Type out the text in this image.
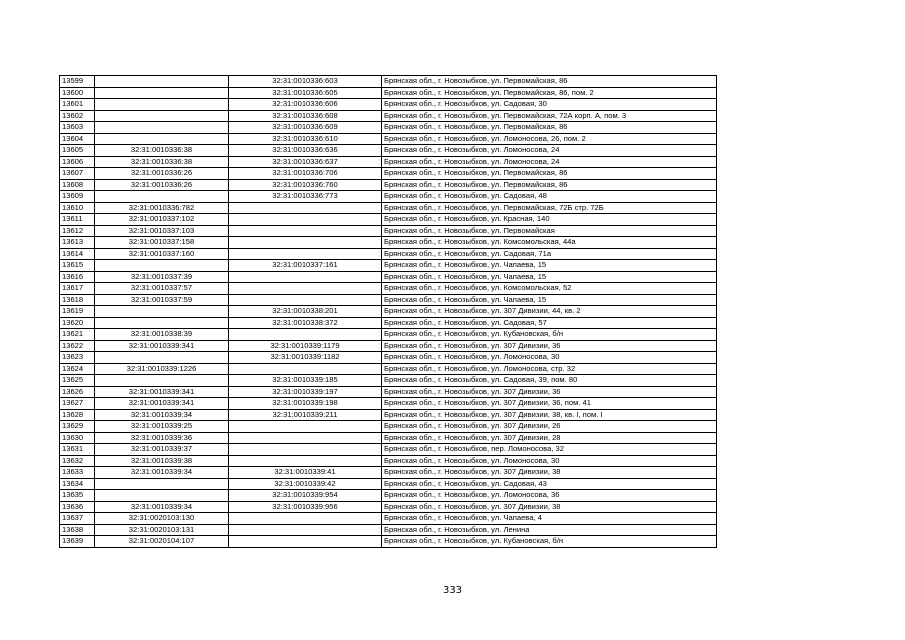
13599		32:31:0010336:603	Брянская обл., г. Новозыбков, ул. Первомайская, 86
13600		32:31:0010336:605	Брянская обл., г. Новозыбков, ул. Первомайская, 86, пом. 2
13601		32:31:0010336:606	Брянская обл., г. Новозыбков, ул. Садовая, 30
13602		32:31:0010336:608	Брянская обл., г. Новозыбков, ул. Первомайская, 72А корп. А, пом. 3
13603		32:31:0010336:609	Брянская обл., г. Новозыбков, ул. Первомайская, 86
13604		32:31:0010336:610	Брянская обл., г. Новозыбков, ул. Ломоносова, 26, пом. 2
13605	32:31:0010336:38	32:31:0010336:636	Брянская обл., г. Новозыбков, ул. Ломоносова, 24
13606	32:31:0010336:38	32:31:0010336:637	Брянская обл., г. Новозыбков, ул. Ломоносова, 24
13607	32:31:0010336:26	32:31:0010336:706	Брянская обл., г. Новозыбков, ул. Первомайская, 86
13608	32:31:0010336:26	32:31:0010336:760	Брянская обл., г. Новозыбков, ул. Первомайская, 86
13609		32:31:0010336:773	Брянская обл., г. Новозыбков, ул. Садовая, 48
13610	32:31:0010336:782		Брянская обл., г. Новозыбков, ул. Первомайская, 72Б стр. 72Б
13611	32:31:0010337:102		Брянская обл., г. Новозыбков, ул. Красная, 140
13612	32:31:0010337:103		Брянская обл., г. Новозыбков, ул. Первомайская
13613	32:31:0010337:158		Брянская обл., г. Новозыбков, ул. Комсомольская, 44а
13614	32:31:0010337:160		Брянская обл., г. Новозыбков, ул. Садовая, 71а
13615		32:31:0010337:161	Брянская обл., г. Новозыбков, ул. Чапаева, 15
13616	32:31:0010337:39		Брянская обл., г. Новозыбков, ул. Чапаева, 15
13617	32:31:0010337:57		Брянская обл., г. Новозыбков, ул. Комсомольская, 52
13618	32:31:0010337:59		Брянская обл., г. Новозыбков, ул. Чапаева, 15
13619		32:31:0010338:201	Брянская обл., г. Новозыбков, ул. 307 Дивизии, 44, кв. 2
13620		32:31:0010338:372	Брянская обл., г. Новозыбков, ул. Садовая, 57
13621	32:31:0010338:39		Брянская обл., г. Новозыбков, ул. Кубановская, б/н
13622	32:31:0010339:341	32:31:0010339:1179	Брянская обл., г. Новозыбков, ул. 307 Дивизии, 36
13623		32:31:0010339:1182	Брянская обл., г. Новозыбков, ул. Ломоносова, 30
13624	32:31:0010339:1226		Брянская обл., г. Новозыбков, ул. Ломоносова, стр. 32
13625		32:31:0010339:185	Брянская обл., г. Новозыбков, ул. Садовая, 39, пом. 80
13626	32:31:0010339:341	32:31:0010339:197	Брянская обл., г. Новозыбков, ул. 307 Дивизии, 36
13627	32:31:0010339:341	32:31:0010339:198	Брянская обл., г. Новозыбков, ул. 307 Дивизии, 36, пом. 41
13628	32:31:0010339:34	32:31:0010339:211	Брянская обл., г. Новозыбков, ул. 307 Дивизии, 38, кв. I, пом. I
13629	32:31:0010339:25		Брянская обл., г. Новозыбков, ул. 307 Дивизии, 26
13630	32:31:0010339:36		Брянская обл., г. Новозыбков, ул. 307 Дивизии, 28
13631	32:31:0010339:37		Брянская обл., г. Новозыбков, пер. Ломоносова, 32
13632	32:31:0010339:38		Брянская обл., г. Новозыбков, ул. Ломоносова, 30
13633	32:31:0010339:34	32:31:0010339:41	Брянская обл., г. Новозыбков, ул. 307 Дивизии, 38
13634		32:31:0010339:42	Брянская обл., г. Новозыбков, ул. Садовая, 43
13635		32:31:0010339:954	Брянская обл., г. Новозыбков, ул. Ломоносова, 36
13636	32:31:0010339:34	32:31:0010339:956	Брянская обл., г. Новозыбков, ул. 307 Дивизии, 38
13637	32:31:0020103:130		Брянская обл., г. Новозыбков, ул. Чапаева, 4
13638	32:31:0020103:131		Брянская обл., г. Новозыбков, ул. Ленина
13639	32:31:0020104:107		Брянская обл., г. Новозыбков, ул. Кубановская, б/н
333
